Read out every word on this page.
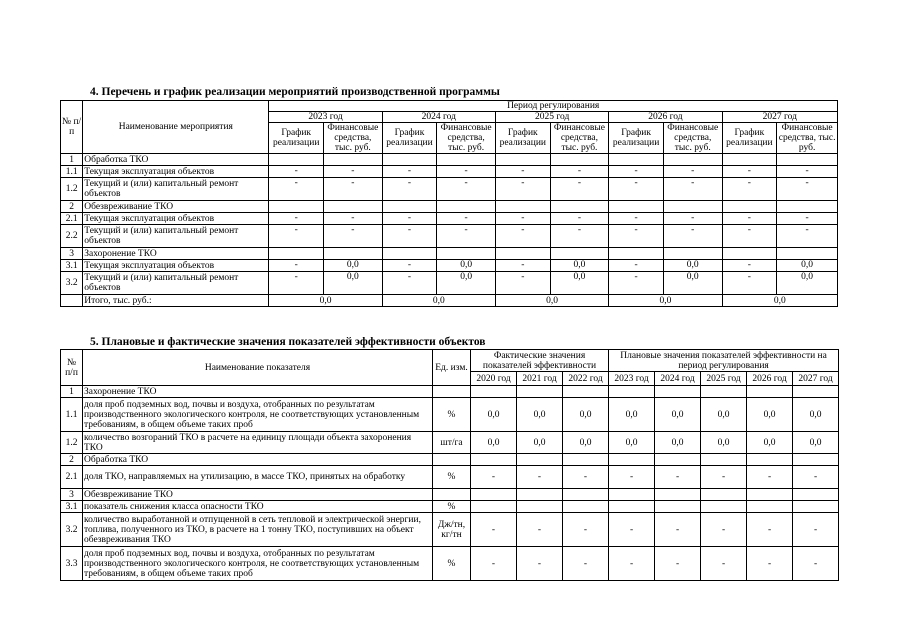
4. Перечень и график реализации мероприятий производственной программы
№ п/п	Наименование мероприятия	Период регулирования									
		2023 год		2024 год		2025 год		2026 год		2027 год	
		График реализации	Финансовые средства, тыс. руб.	График реализации	Финансовые средства, тыс. руб.	График реализации	Финансовые средства, тыс. руб.	График реализации	Финансовые средства, тыс. руб.	График реализации	Финансовые средства, тыс. руб.
1	Обработка ТКО										
1.1	Текущая эксплуатация объектов	-	-	-	-	-	-	-	-	-	-
1.2	Текущий и (или) капитальный ремонт объектов	-	-	-	-	-	-	-	-	-	-
2	Обезвреживание ТКО										
2.1	Текущая эксплуатация объектов	-	-	-	-	-	-	-	-	-	-
2.2	Текущий и (или) капитальный ремонт объектов	-	-	-	-	-	-	-	-	-	-
3	Захоронение ТКО										
3.1	Текущая эксплуатация объектов	-	0,0	-	0,0	-	0,0	-	0,0	-	0,0
3.2	Текущий и (или) капитальный ремонт объектов	-	0,0	-	0,0	-	0,0	-	0,0	-	0,0
	Итого, тыс. руб.:	0,0		0,0		0,0		0,0		0,0	
5. Плановые и фактические значения показателей эффективности объектов
№ п/п	Наименование показателя	Ед. изм.	Фактические значения показателей эффективности			Плановые значения показателей эффективности на период регулирования				
			2020 год	2021 год	2022 год	2023 год	2024 год	2025 год	2026 год	2027 год
1	Захоронение ТКО									
1.1	доля проб подземных вод, почвы и воздуха, отобранных по результатам производственного экологического контроля, не соответствующих установленным требованиям, в общем объеме таких проб	%	0,0	0,0	0,0	0,0	0,0	0,0	0,0	0,0
1.2	количество возгораний ТКО в расчете на единицу площади объекта захоронения ТКО	шт/га	0,0	0,0	0,0	0,0	0,0	0,0	0,0	0,0
2	Обработка ТКО									
2.1	доля ТКО, направляемых на утилизацию, в массе ТКО, принятых на обработку	%	-	-	-	-	-	-	-	-
3	Обезвреживание ТКО									
3.1	показатель снижения класса опасности ТКО	%								
3.2	количество выработанной и отпущенной в сеть тепловой и электрической энергии, топлива, полученного из ТКО, в расчете на 1 тонну ТКО, поступивших на объект обезвреживания ТКО	Дж/тн, кг/тн	-	-	-	-	-	-	-	-
3.3	доля проб подземных вод, почвы и воздуха, отобранных по результатам производственного экологического контроля, не соответствующих установленным требованиям, в общем объеме таких проб	%	-	-	-	-	-	-	-	-
